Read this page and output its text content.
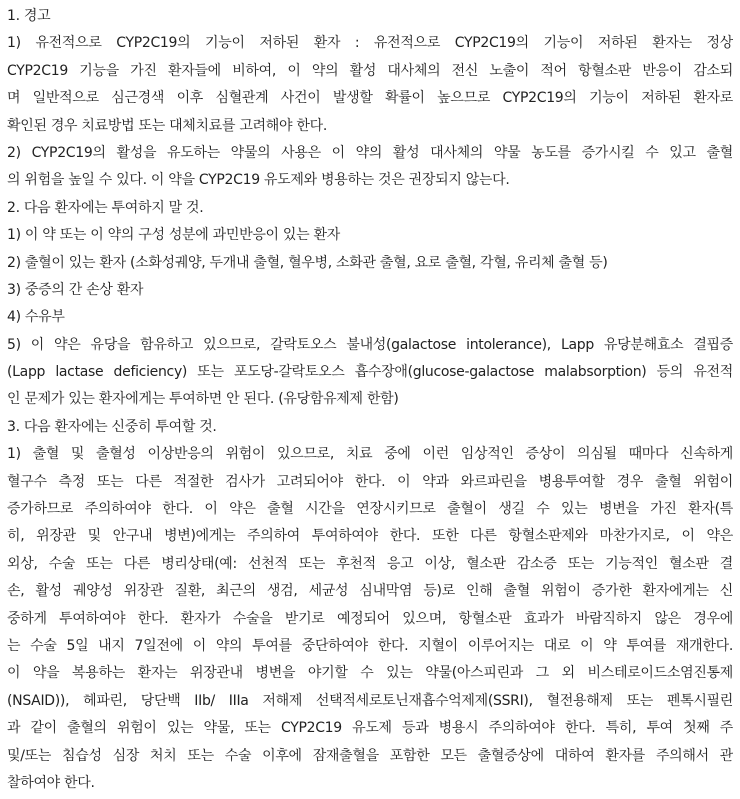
1. 경고
1) 유전적으로 CYP2C19의 기능이 저하된 환자 : 유전적으로 CYP2C19의 기능이 저하된 환자는 정상
CYP2C19 기능을 가진 환자들에 비하여, 이 약의 활성 대사체의 전신 노출이 적어 항혈소판 반응이 감소되
며 일반적으로 심근경색 이후 심혈관계 사건이 발생할 확률이 높으므로 CYP2C19의 기능이 저하된 환자로
확인된 경우 치료방법 또는 대체치료를 고려해야 한다.
2) CYP2C19의 활성을 유도하는 약물의 사용은 이 약의 활성 대사체의 약물 농도를 증가시킬 수 있고 출혈
의 위험을 높일 수 있다. 이 약을 CYP2C19 유도제와 병용하는 것은 권장되지 않는다.
2. 다음 환자에는 투여하지 말 것.
1) 이 약 또는 이 약의 구성 성분에 과민반응이 있는 환자
2) 출혈이 있는 환자 (소화성궤양, 두개내 출혈, 혈우병, 소화관 출혈, 요로 출혈, 각혈, 유리체 출혈 등)
3) 중증의 간 손상 환자
4) 수유부
5) 이 약은 유당을 함유하고 있으므로, 갈락토오스 불내성(galactose intolerance), Lapp 유당분해효소 결핍증
(Lapp lactase deficiency) 또는 포도당-갈락토오스 흡수장애(glucose-galactose malabsorption) 등의 유전적
인 문제가 있는 환자에게는 투여하면 안 된다. (유당함유제제 한함)
3. 다음 환자에는 신중히 투여할 것.
1) 출혈 및 출혈성 이상반응의 위험이 있으므로, 치료 중에 이런 임상적인 증상이 의심될 때마다 신속하게
혈구수 측정 또는 다른 적절한 검사가 고려되어야 한다. 이 약과 와르파린을 병용투여할 경우 출혈 위험이
증가하므로 주의하여야 한다. 이 약은 출혈 시간을 연장시키므로 출혈이 생길 수 있는 병변을 가진 환자(특
히, 위장관 및 안구내 병변)에게는 주의하여 투여하여야 한다. 또한 다른 항혈소판제와 마찬가지로, 이 약은
외상, 수술 또는 다른 병리상태(예: 선천적 또는 후천적 응고 이상, 혈소판 감소증 또는 기능적인 혈소판 결
손, 활성 궤양성 위장관 질환, 최근의 생검, 세균성 심내막염 등)로 인해 출혈 위험이 증가한 환자에게는 신
중하게 투여하여야 한다. 환자가 수술을 받기로 예정되어 있으며, 항혈소판 효과가 바람직하지 않은 경우에
는 수술 5일 내지 7일전에 이 약의 투여를 중단하여야 한다. 지혈이 이루어지는 대로 이 약 투여를 재개한다.
이 약을 복용하는 환자는 위장관내 병변을 야기할 수 있는 약물(아스피린과 그 외 비스테로이드소염진통제
(NSAID)), 헤파린, 당단백 IIb/ IIIa 저해제 선택적세로토닌재흡수억제제(SSRI), 혈전용해제 또는 펜톡시필린
과 같이 출혈의 위험이 있는 약물, 또는 CYP2C19 유도제 등과 병용시 주의하여야 한다. 특히, 투여 첫째 주
및/또는 침습성 심장 처치 또는 수술 이후에 잠재출혈을 포함한 모든 출혈증상에 대하여 환자를 주의해서 관
찰하여야 한다.
